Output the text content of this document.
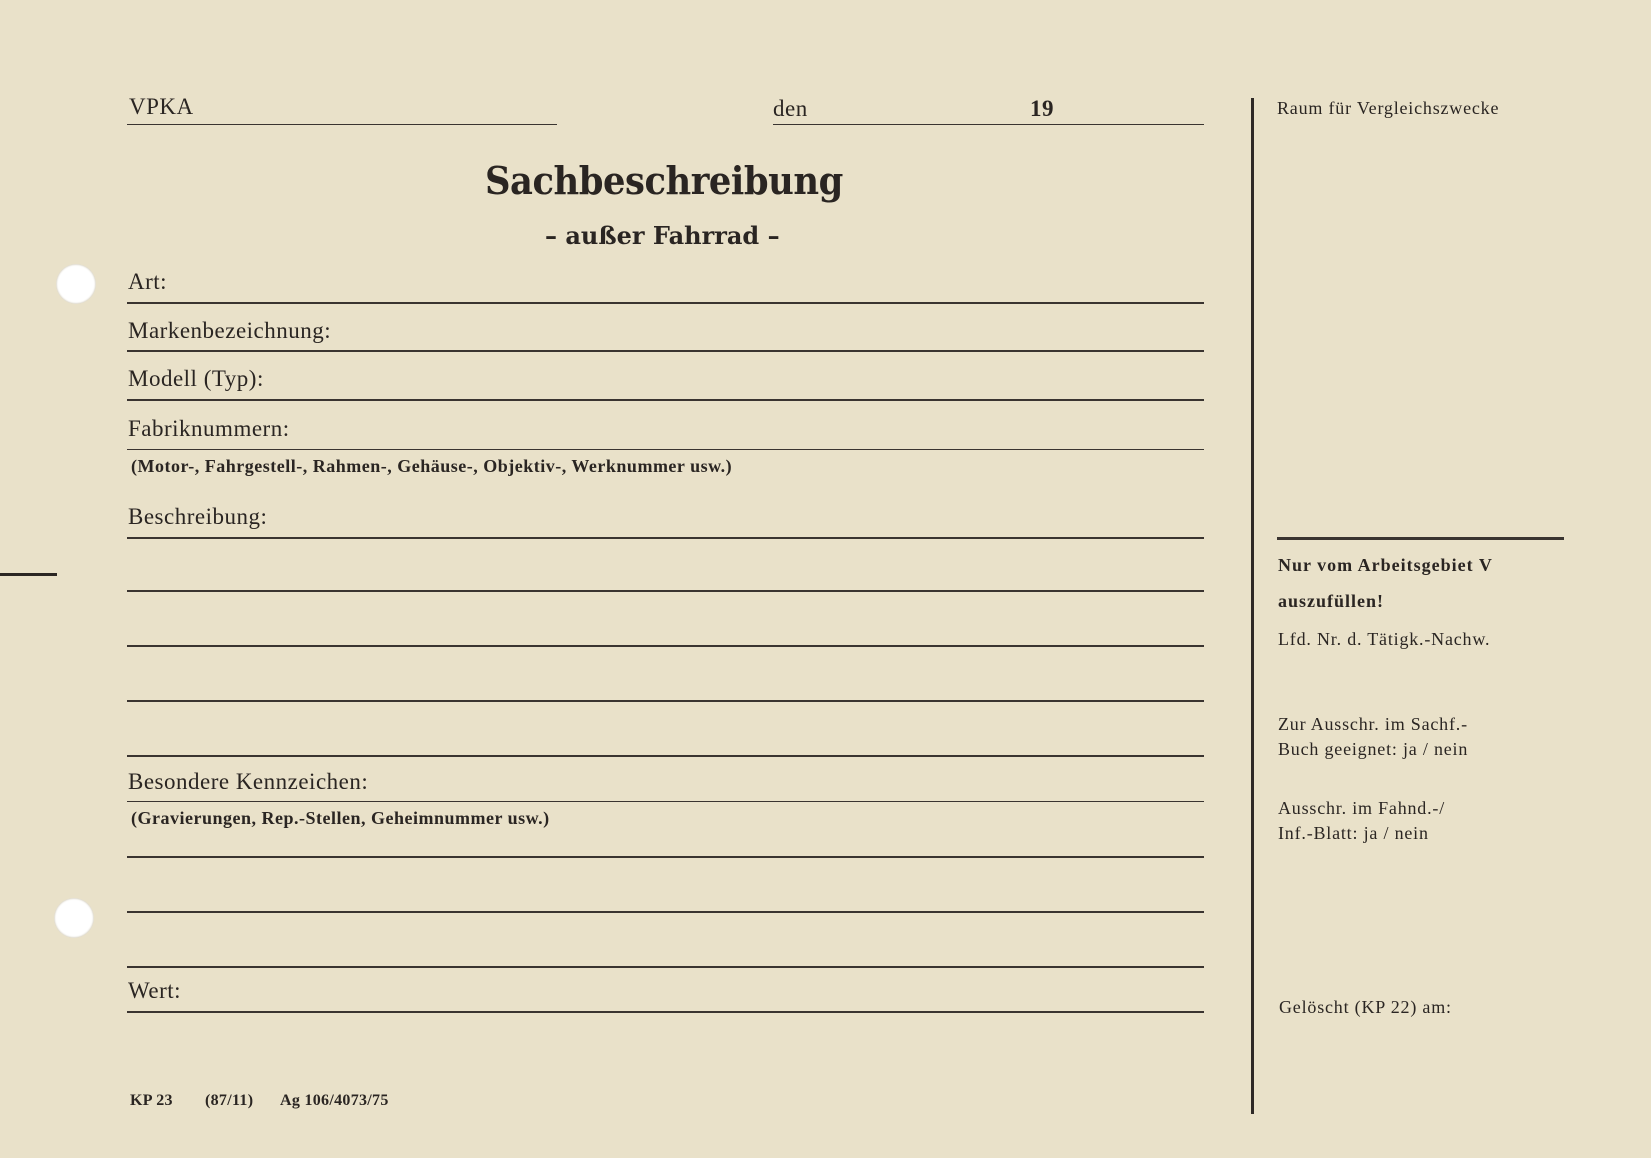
VPKA	den	19
Sachbeschreibung
– außer Fahrrad –
Art:
Markenbezeichnung:
Modell (Typ):
Fabriknummern:
(Motor-, Fahrgestell-, Rahmen-, Gehäuse-, Objektiv-, Werknummer usw.)
Beschreibung:
Besondere Kennzeichen:
(Gravierungen, Rep.-Stellen, Geheimnummer usw.)
Wert:
KP 23 (87/11) Ag 106/4073/75
Raum für Vergleichszwecke
Nur vom Arbeitsgebiet V
auszufüllen!
Lfd. Nr. d. Tätigk.-Nachw.
Zur Ausschr. im Sachf.-
Buch geeignet: ja / nein
Ausschr. im Fahnd.-/
Inf.-Blatt: ja / nein
Gelöscht (KP 22) am:
